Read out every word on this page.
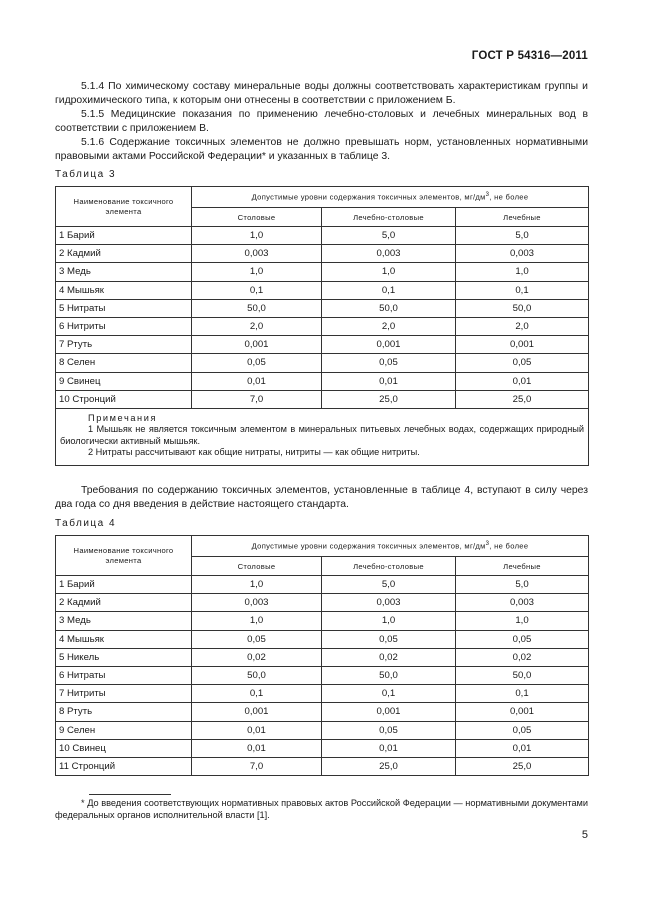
ГОСТ Р 54316—2011

5.1.4 По химическому составу минеральные воды должны соответствовать характеристикам группы и гидрохимического типа, к которым они отнесены в соответствии с приложением Б.

5.1.5 Медицинские показания по применению лечебно-столовых и лечебных минеральных вод в соответствии с приложением В.

5.1.6 Содержание токсичных элементов не должно превышать норм, установленных нормативными правовыми актами Российской Федерации* и указанных в таблице 3.

Таблица 3
Наименование токсичного элемента	Допустимые уровни содержания токсичных элементов, $мг/дм^3$, не более		
	Столовые	Лечебно-столовые	Лечебные
1 Барий	1,0	5,0	5,0
2 Кадмий	0,003	0,003	0,003
3 Медь	1,0	1,0	1,0
4 Мышьяк	0,1	0,1	0,1
5 Нитраты	50,0	50,0	50,0
6 Нитриты	2,0	2,0	2,0
7 Ртуть	0,001	0,001	0,001
8 Селен	0,05	0,05	0,05
9 Свинец	0,01	0,01	0,01
10 Стронций	7,0	25,0	25,0

Примечания
1 Мышьяк не является токсичным элементом в минеральных питьевых лечебных водах, содержащих природный биологически активный мышьяк.
2 Нитраты рассчитывают как общие нитраты, нитриты — как общие нитриты.			

Требования по содержанию токсичных элементов, установленные в таблице 4, вступают в силу через два года со дня введения в действие настоящего стандарта.

Таблица 4
Наименование токсичного элемента	Допустимые уровни содержания токсичных элементов, $мг/дм^3$, не более		
	Столовые	Лечебно-столовые	Лечебные
1 Барий	1,0	5,0	5,0
2 Кадмий	0,003	0,003	0,003
3 Медь	1,0	1,0	1,0
4 Мышьяк	0,05	0,05	0,05
5 Никель	0,02	0,02	0,02
6 Нитраты	50,0	50,0	50,0
7 Нитриты	0,1	0,1	0,1
8 Ртуть	0,001	0,001	0,001
9 Селен	0,01	0,05	0,05
10 Свинец	0,01	0,01	0,01
11 Стронций	7,0	25,0	25,0
* До введения соответствующих нормативных правовых актов Российской Федерации — нормативными документами федеральных органов исполнительной власти [1].
5
